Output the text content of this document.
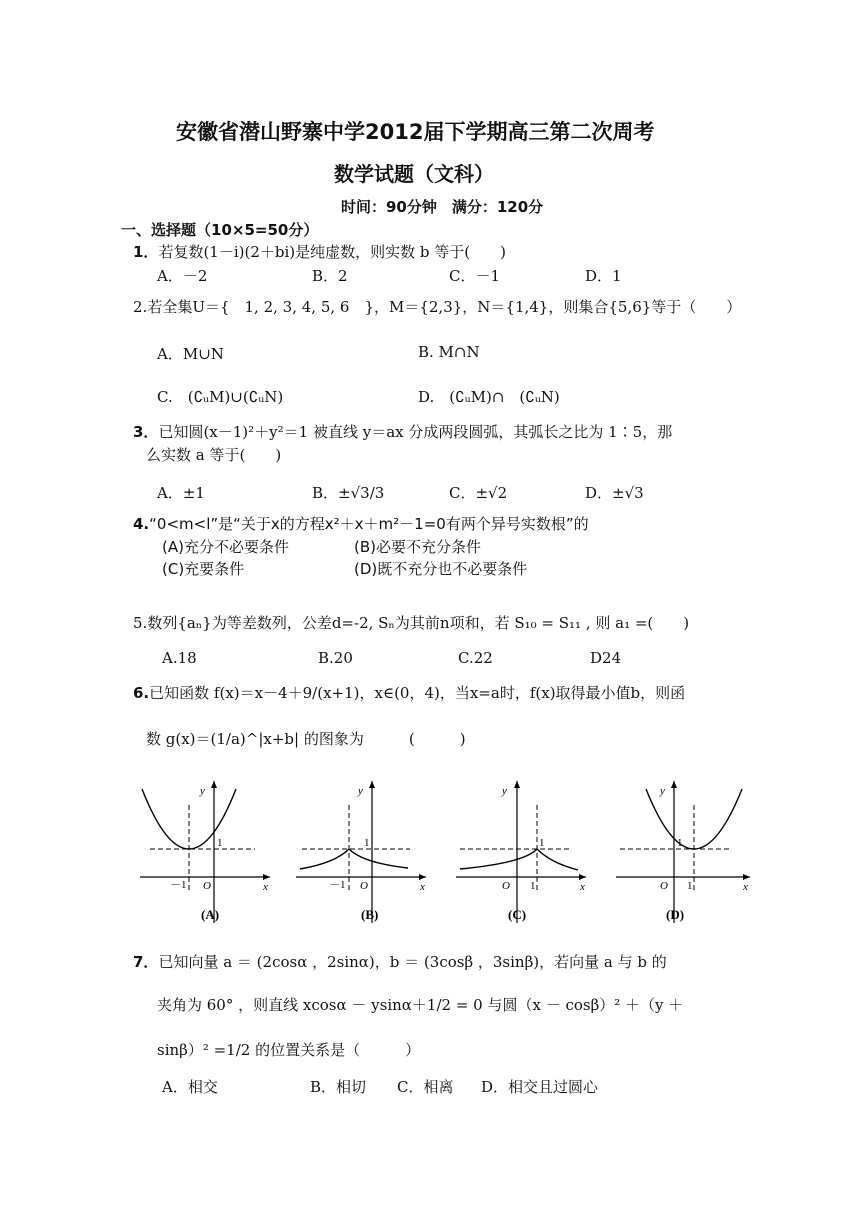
安徽省潜山野寨中学2012届下学期高三第二次周考
数学试题（文科）
时间：90分钟　满分：120分
一、选择题（10×5=50分）
1．若复数(1－i)(2＋bi)是纯虚数，则实数 b 等于(　　)
A．－2	B．2	C．－1	D．1
2.若全集U＝{　1, 2, 3, 4, 5, 6　}，M＝{2,3}，N＝{1,4}，则集合{5,6}等于（　　）
A．M∪N	B. M∩N
C.　(∁ᵤM)∪(∁ᵤN)	D.　(∁ᵤM)∩　(∁ᵤN)
3．已知圆(x－1)²＋y²＝1 被直线 y＝ax 分成两段圆弧，其弧长之比为 1∶5，那
么实数 a 等于(　　)
A．±1	B．±√3/3	C．±√2	D．±√3
4.“0<m<l”是“关于x的方程x²＋x＋m²－1=0有两个异号实数根”的
(A)充分不必要条件	(B)必要不充分条件
(C)充要条件	(D)既不充分也不必要条件
5.数列{aₙ}为等差数列，公差d=-2, Sₙ为其前n项和，若 S₁₀ = S₁₁ , 则 a₁ =(　　)
A.18	B.20	C.22	D24
6.已知函数 f(x)＝x－4＋9/(x+1)，x∈(0，4)，当x=a时，f(x)取得最小值b，则函
数 g(x)＝(1/a)^|x+b| 的图象为　　　(　　　)
y
x
1
O
－1
(A)
y
x
1
O
－1
(B)
y
x
1
O 1
(C)
y
x
1
O 1
(D)
7．已知向量 a ＝ (2cosα ，2sinα)，b ＝ (3cosβ ，3sinβ)，若向量 a 与 b 的
夹角为 60° ，则直线 xcosα － ysinα＋1/2 = 0 与圆（x － cosβ）² ＋（y ＋
sinβ）² =1/2 的位置关系是（　　　）
A．相交	B．相切 C．相离 D．相交且过圆心
